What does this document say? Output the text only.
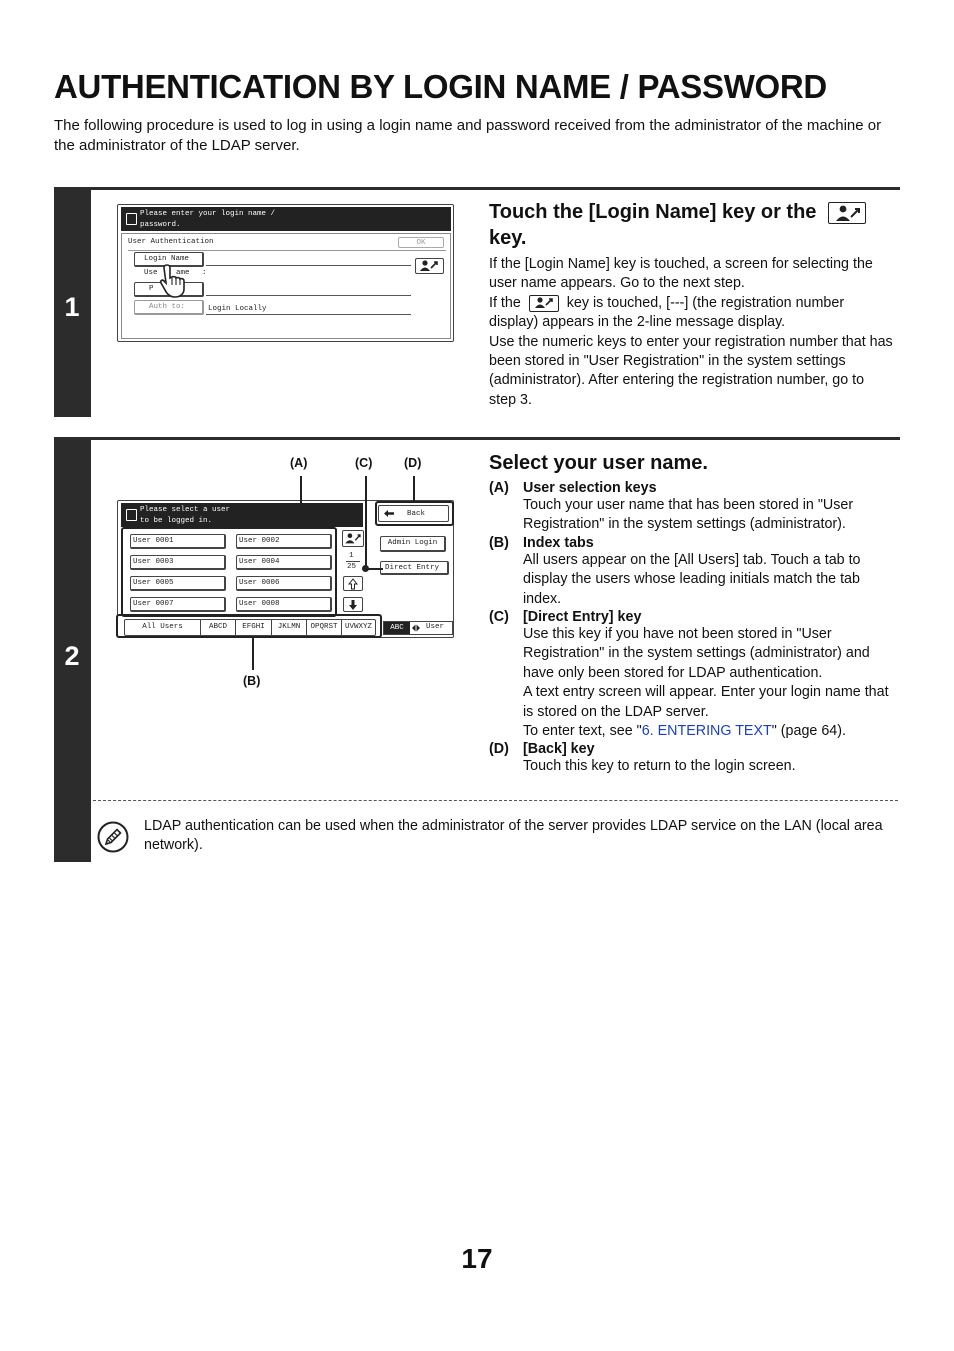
AUTHENTICATION BY LOGIN NAME / PASSWORD
The following procedure is used to log in using a login name and password received from the administrator of the machine or the administrator of the LDAP server.
1
Please enter your login name /
password.
User Authentication	OK
Login Name
Use ame :
P
Auth to:	Login Locally
Touch the [Login Name] key or the
key.
If the [Login Name] key is touched, a screen for selecting the user name appears. Go to the next step.
If the	key is touched, [---] (the registration number display) appears in the 2-line message display.
Use the numeric keys to enter your registration number that has been stored in "User Registration" in the system settings (administrator). After entering the registration number, go to step 3.
2
(A)	(C)	(D)
(B)
Please select a user
to be logged in.
User 0001	User 0002
User 0003	User 0004
User 0005	User 0006
User 0007	User 0008
1
25
Back
Admin Login
Direct Entry
All Users	ABCD	EFGHI	JKLMN	OPQRST UVWXYZ	ABC	User
Select your user name.
(A) User selection keys
Touch your user name that has been stored in "User Registration" in the system settings (administrator).
(B) Index tabs
All users appear on the [All Users] tab. Touch a tab to display the users whose leading initials match the tab index.
(C) [Direct Entry] key
Use this key if you have not been stored in "User Registration" in the system settings (administrator) and have only been stored for LDAP authentication.
A text entry screen will appear. Enter your login name that is stored on the LDAP server.
To enter text, see "6. ENTERING TEXT" (page 64).
(D) [Back] key
Touch this key to return to the login screen.
LDAP authentication can be used when the administrator of the server provides LDAP service on the LAN (local area network).
17
